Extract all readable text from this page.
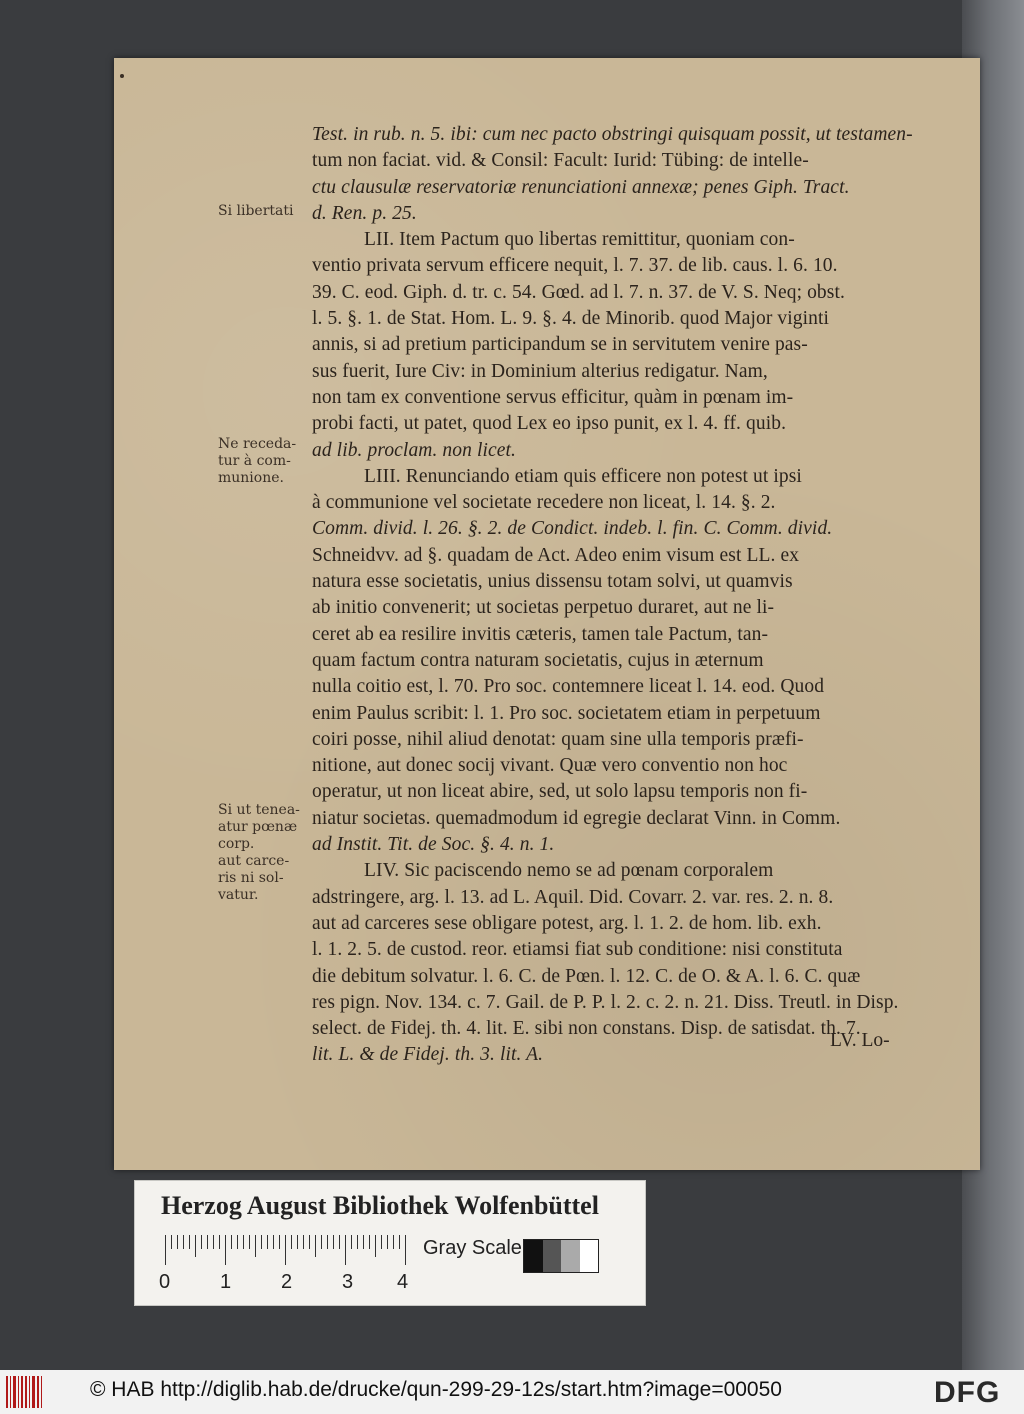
Si libertati
Ne receda-
tur à com-
munione.
Si ut tenea-
atur pœnæ
corp.
aut carce-
ris ni sol-
vatur.
Test. in rub. n. 5. ibi: cum nec pacto obstringi quisquam possit, ut testamen-
tum non faciat. vid. & Consil: Facult: Iurid: Tübing: de intelle-
ctu clausulæ reservatoriæ renunciationi annexæ; penes Giph. Tract.
d. Ren. p. 25.
LII. Item Pactum quo libertas remittitur, quoniam con-
ventio privata servum efficere nequit, l. 7. 37. de lib. caus. l. 6. 10.
39. C. eod. Giph. d. tr. c. 54. Gœd. ad l. 7. n. 37. de V. S. Neq; obst.
l. 5. §. 1. de Stat. Hom. L. 9. §. 4. de Minorib. quod Major viginti
annis, si ad pretium participandum se in servitutem venire pas-
sus fuerit, Iure Civ: in Dominium alterius redigatur. Nam,
non tam ex conventione servus efficitur, quàm in pœnam im-
probi facti, ut patet, quod Lex eo ipso punit, ex l. 4. ff. quib.
ad lib. proclam. non licet.
LIII. Renunciando etiam quis efficere non potest ut ipsi
à communione vel societate recedere non liceat, l. 14. §. 2.
Comm. divid. l. 26. §. 2. de Condict. indeb. l. fin. C. Comm. divid.
Schneidvv. ad §. quadam de Act. Adeo enim visum est LL. ex
natura esse societatis, unius dissensu totam solvi, ut quamvis
ab initio convenerit; ut societas perpetuo duraret, aut ne li-
ceret ab ea resilire invitis cæteris, tamen tale Pactum, tan-
quam factum contra naturam societatis, cujus in æternum
nulla coitio est, l. 70. Pro soc. contemnere liceat l. 14. eod. Quod
enim Paulus scribit: l. 1. Pro soc. societatem etiam in perpetuum
coiri posse, nihil aliud denotat: quam sine ulla temporis præfi-
nitione, aut donec socij vivant. Quæ vero conventio non hoc
operatur, ut non liceat abire, sed, ut solo lapsu temporis non fi-
niatur societas. quemadmodum id egregie declarat Vinn. in Comm.
ad Instit. Tit. de Soc. §. 4. n. 1.
LIV. Sic paciscendo nemo se ad pœnam corporalem
adstringere, arg. l. 13. ad L. Aquil. Did. Covarr. 2. var. res. 2. n. 8.
aut ad carceres sese obligare potest, arg. l. 1. 2. de hom. lib. exh.
l. 1. 2. 5. de custod. reor. etiamsi fiat sub conditione: nisi constituta
die debitum solvatur. l. 6. C. de Pœn. l. 12. C. de O. & A. l. 6. C. quæ
res pign. Nov. 134. c. 7. Gail. de P. P. l. 2. c. 2. n. 21. Diss. Treutl. in Disp.
select. de Fidej. th. 4. lit. E. sibi non constans. Disp. de satisdat. th. 7.
lit. L. & de Fidej. th. 3. lit. A.
LV. Lo-
Herzog August Bibliothek Wolfenbüttel
0 1 2 3 4
Gray Scale
© HAB http://diglib.hab.de/drucke/qun-299-29-12s/start.htm?image=00050	DFG
